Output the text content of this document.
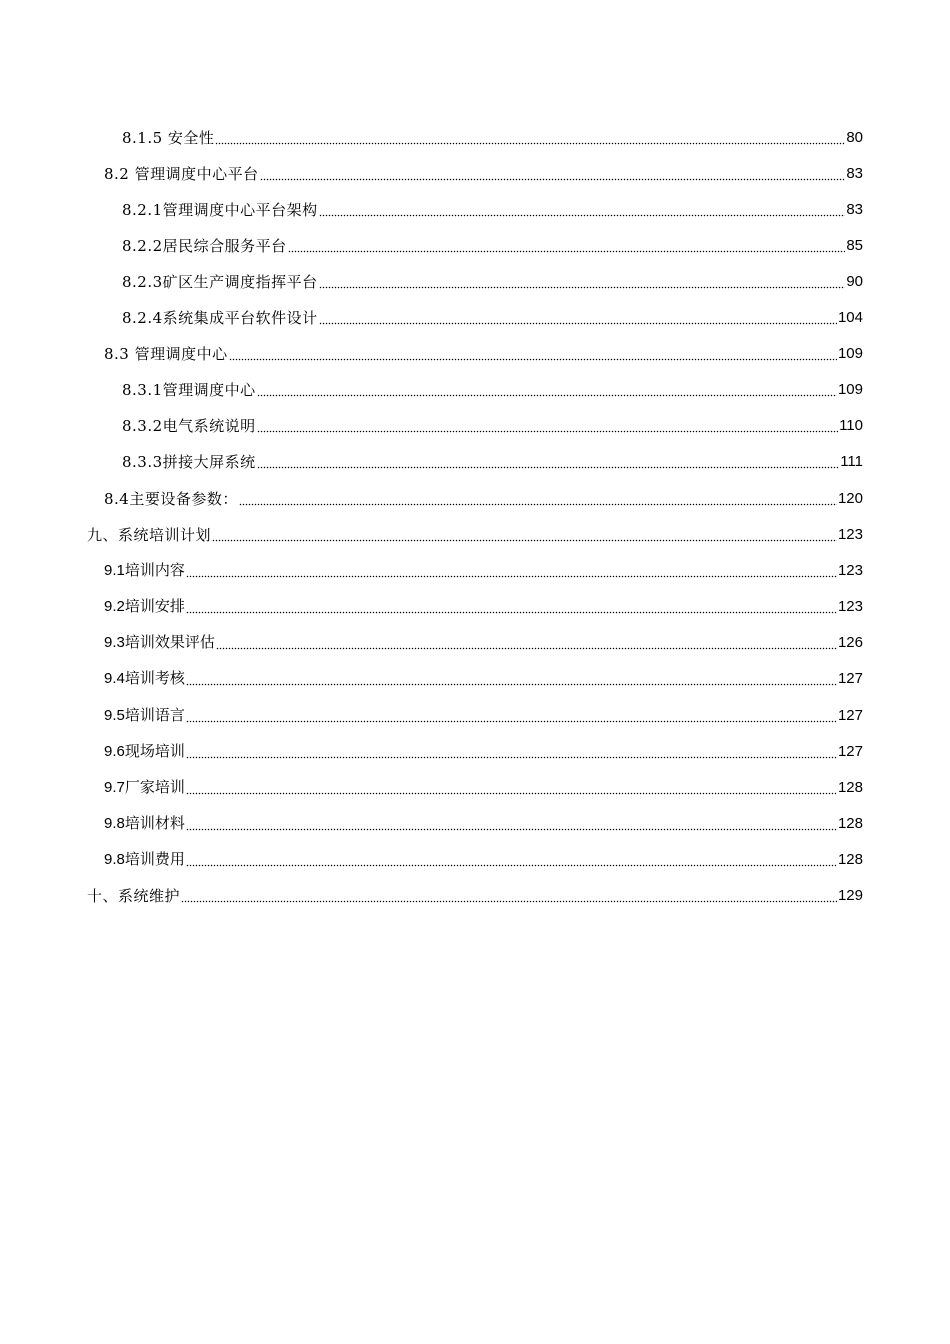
8.1.5 安全性	80
8.2 管理调度中心平台	83
8.2.1管理调度中心平台架构	83
8.2.2居民综合服务平台	85
8.2.3矿区生产调度指挥平台	90
8.2.4系统集成平台软件设计	104
8.3 管理调度中心	109
8.3.1管理调度中心	109
8.3.2电气系统说明	110
8.3.3拼接大屏系统	111
8.4主要设备参数：	120
九、系统培训计划	123
9.1培训内容	123
9.2培训安排	123
9.3培训效果评估	126
9.4培训考核	127
9.5培训语言	127
9.6现场培训	127
9.7厂家培训	128
9.8培训材料	128
9.8培训费用	128
十、系统维护	129
